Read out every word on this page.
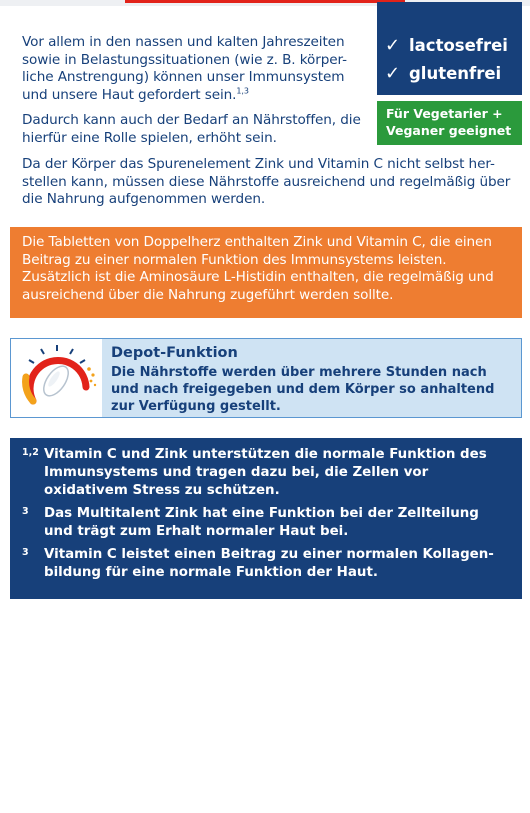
Vor allem in den nassen und kalten Jahreszeiten sowie in Belastungssituationen (wie z. B. körper-liche Anstrengung) können unser Immunsystem und unsere Haut gefordert sein.$^{1,3}$

Dadurch kann auch der Bedarf an Nährstoffen, die hierfür eine Rolle spielen, erhöht sein.

Da der Körper das Spurenelement Zink und Vitamin C nicht selbst her-stellen kann, müssen diese Nährstoffe ausreichend und regelmäßig über die Nahrung aufgenommen werden.

✓ lactosefrei
✓ glutenfrei
Für Vegetarier +
Veganer geeignet
Die Tabletten von Doppelherz enthalten Zink und Vitamin C, die einen Beitrag zu einer normalen Funktion des Immunsystems leisten. Zusätzlich ist die Aminosäure L-Histidin enthalten, die regelmäßig und ausreichend über die Nahrung zugeführt werden sollte.
Depot-Funktion
Die Nährstoffe werden über mehrere Stunden nach und nach freigegeben und dem Körper so anhaltend zur Verfügung gestellt.
1,2 Vitamin C und Zink unterstützen die normale Funktion des Immunsystems und tragen dazu bei, die Zellen vor oxidativem Stress zu schützen.
3	Das Multitalent Zink hat eine Funktion bei der Zellteilung und trägt zum Erhalt normaler Haut bei.
3	Vitamin C leistet einen Beitrag zu einer normalen Kollagen-bildung für eine normale Funktion der Haut.
